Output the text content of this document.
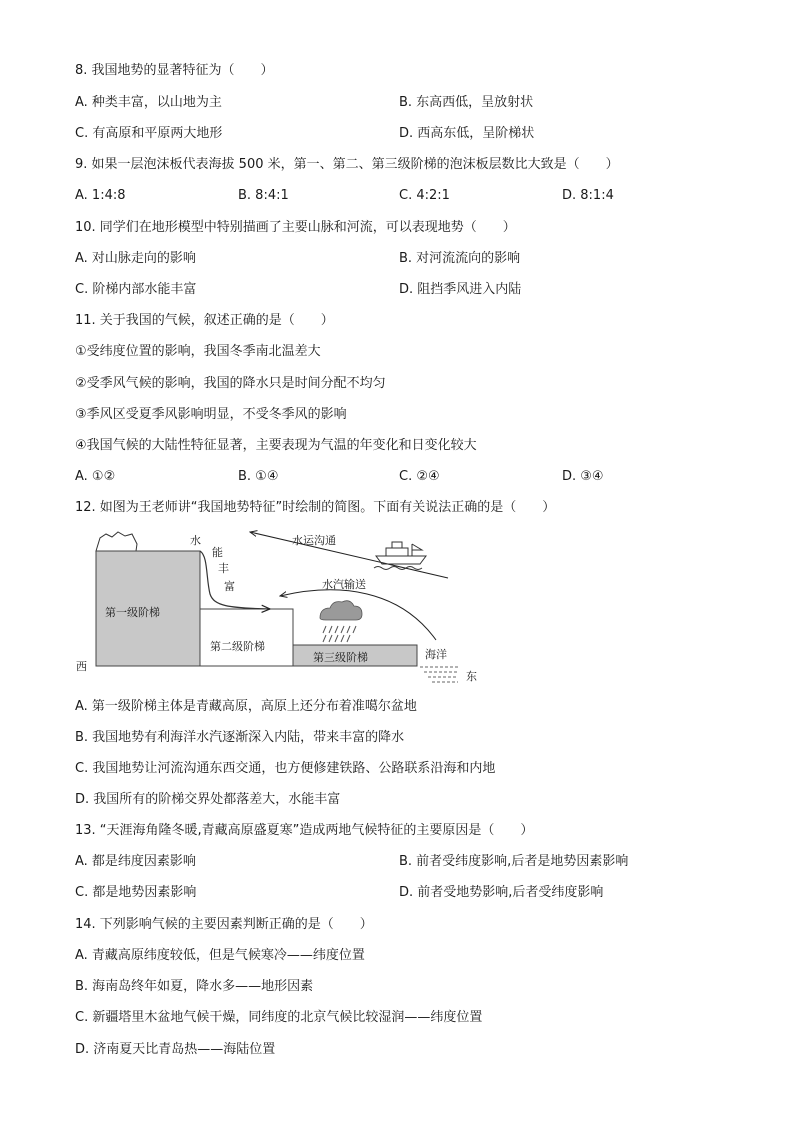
8. 我国地势的显著特征为（　　）
A. 种类丰富，以山地为主	B. 东高西低，呈放射状
C. 有高原和平原两大地形	D. 西高东低，呈阶梯状
9. 如果一层泡沫板代表海拔 500 米，第一、第二、第三级阶梯的泡沫板层数比大致是（　　）
A. 1:4:8	B. 8:4:1	C. 4:2:1	D. 8:1:4
10. 同学们在地形模型中特别描画了主要山脉和河流，可以表现地势（　　）
A. 对山脉走向的影响	B. 对河流流向的影响
C. 阶梯内部水能丰富	D. 阻挡季风进入内陆
11. 关于我国的气候，叙述正确的是（　　）
①受纬度位置的影响，我国冬季南北温差大
②受季风气候的影响，我国的降水只是时间分配不均匀
③季风区受夏季风影响明显，不受冬季风的影响
④我国气候的大陆性特征显著，主要表现为气温的年变化和日变化较大
A. ①②	B. ①④	C. ②④	D. ③④
12. 如图为王老师讲“我国地势特征”时绘制的简图。下面有关说法正确的是（　　）
第一级阶梯
第二级阶梯
第三级阶梯
水
能
丰
富
水运沟通
水汽输送
海洋
西
东
A. 第一级阶梯主体是青藏高原，高原上还分布着准噶尔盆地
B. 我国地势有利海洋水汽逐渐深入内陆，带来丰富的降水
C. 我国地势让河流沟通东西交通，也方便修建铁路、公路联系沿海和内地
D. 我国所有的阶梯交界处都落差大，水能丰富
13. “天涯海角隆冬暖,青藏高原盛夏寒”造成两地气候特征的主要原因是（　　）
A. 都是纬度因素影响	B. 前者受纬度影响,后者是地势因素影响
C. 都是地势因素影响	D. 前者受地势影响,后者受纬度影响
14. 下列影响气候的主要因素判断正确的是（　　）
A. 青藏高原纬度较低，但是气候寒冷——纬度位置
B. 海南岛终年如夏，降水多——地形因素
C. 新疆塔里木盆地气候干燥，同纬度的北京气候比较湿润——纬度位置
D. 济南夏天比青岛热——海陆位置
